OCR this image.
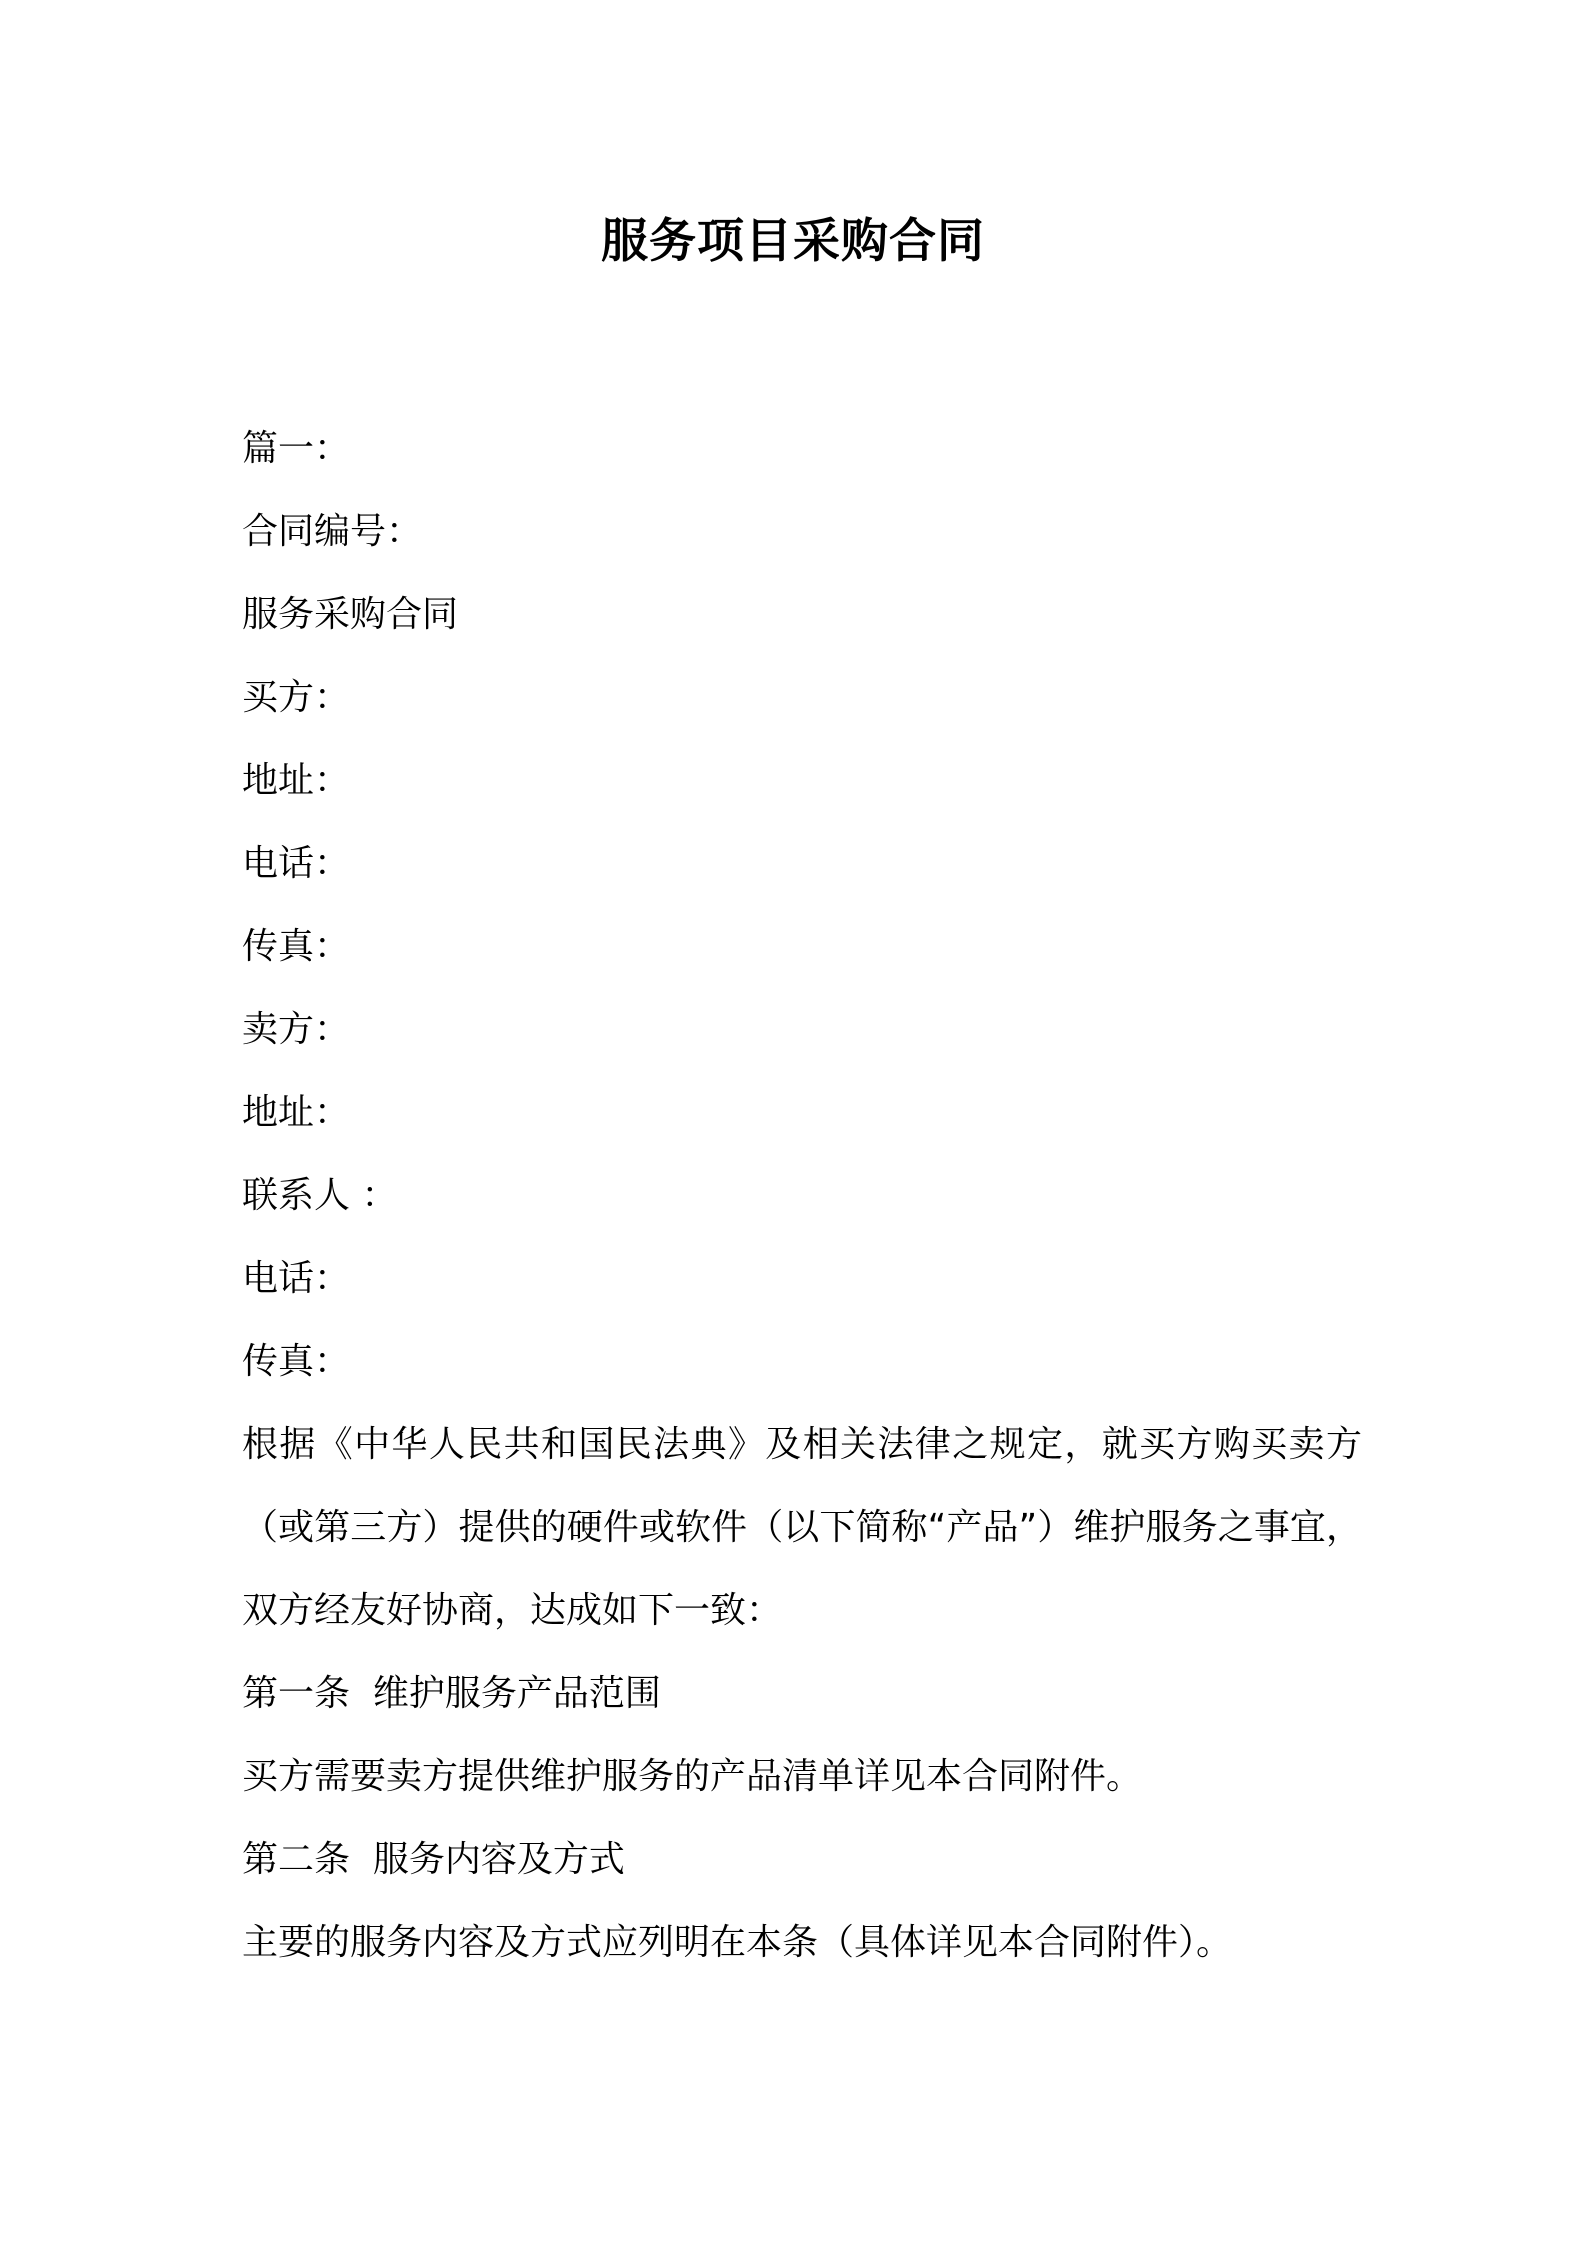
服务项目采购合同
篇一：
合同编号：
服务采购合同
买方：
地址：
电话：
传真：
卖方：
地址：
联系人 ：
电话：
传真：
根据《中华人民共和国民法典》及相关法律之规定，就买方购买卖方（或第三方）提供的硬件或软件（以下简称“产品”）维护服务之事宜，双方经友好协商，达成如下一致：
第一条  维护服务产品范围
买方需要卖方提供维护服务的产品清单详见本合同附件。
第二条  服务内容及方式
主要的服务内容及方式应列明在本条（具体详见本合同附件）。
